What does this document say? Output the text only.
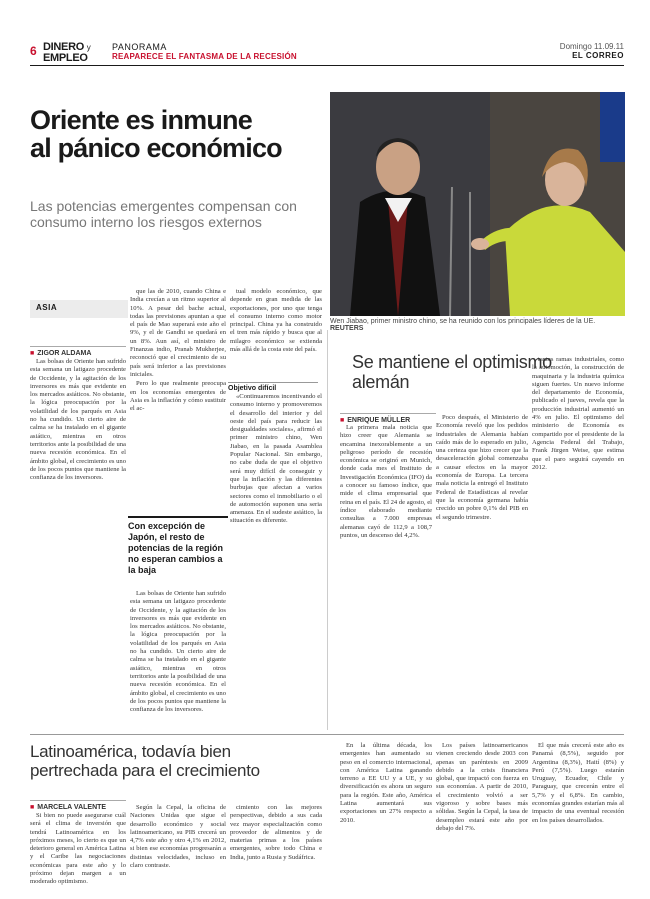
6 DINERO y
EMPLEO
PANORAMA
REAPARECE EL FANTASMA DE LA RECESIÓN
Domingo 11.09.11
EL CORREO
Oriente es inmune
al pánico económico
Las potencias emergentes compensan con consumo interno los riesgos externos
Wen Jiabao, primer ministro chino, se ha reunido con los principales líderes de la UE. REUTERS
ASIA
■ ZIGOR ALDAMA

Las bolsas de Oriente han sufrido esta semana un latigazo procedente de Occidente, y la agitación de los inversores es más que evidente en los mercados asiáticos. No obstante, la lógica preocupación por la volatilidad de los parqués en Asia no ha cundido. Un cierto aire de calma se ha instalado en el gigante asiático, mientras en otros territorios ante la posibilidad de una nueva recesión económica. En el ámbito global, el crecimiento es uno de los pocos puntos que mantiene la confianza de los inversores.

que las de 2010, cuando China e India crecían a un ritmo superior al 10%. A pesar del bache actual, todas las previsiones apuntan a que el país de Mao superará este año el 9%, y el de Gandhi se quedará en un 8%. Aun así, el ministro de Finanzas indio, Pranab Mukherjee, reconoció que el crecimiento de su país será inferior a las previsiones iniciales.

Pero lo que realmente preocupa en los economías emergentes de Asia es la inflación y cómo sustituir el ac-

Con excepción de Japón, el resto de potencias de la región no esperan cambios a la baja

Las bolsas de Oriente han sufrido esta semana un latigazo procedente de Occidente, y la agitación de los inversores es más que evidente en los mercados asiáticos. No obstante, la lógica preocupación por la volatilidad de los parqués en Asia no ha cundido. Un cierto aire de calma se ha instalado en el gigante asiático, mientras en otros territorios ante la posibilidad de una nueva recesión económica. En el ámbito global, el crecimiento es uno de los pocos puntos que mantiene la confianza de los inversores.

tual modelo económico, que depende en gran medida de las exportaciones, por uno que tenga el consumo interno como motor principal. China ya ha construido el tren más rápido y busca que al milagro económico se extienda más allá de la costa este del país.

Objetivo difícil

«Continuaremos incentivando el consumo interno y promoveremos el desarrollo del interior y del oeste del país para reducir las desigualdades sociales», afirmó el primer ministro chino, Wen Jiabao, en la pasada Asamblea Popular Nacional. Sin embargo, no cabe duda de que el objetivo será muy difícil de conseguir y que la inflación y las diferentes burbujas que afectan a varios sectores como el inmobiliario o el de automoción suponen una seria amenaza. En el sudeste asiático, la situación es diferente.

Se mantiene el optimismo alemán
■ ENRIQUE MÜLLER

La primera mala noticia que hizo creer que Alemania se encamina inexorablemente a un peligroso período de recesión económica se originó en Munich, donde cada mes el Instituto de Investigación Económica (IFO) da a conocer su famoso índice, que mide el clima empresarial que reina en el país. El 24 de agosto, el índice elaborado mediante consultas a 7.000 empresas alemanas cayó de 112,9 a 108,7 puntos, un descenso del 4,2%.

Poco después, el Ministerio de Economía reveló que los pedidos industriales de Alemania habían caído más de lo esperado en julio, una certeza que hizo crecer que la desaceleración global comenzaba a causar efectos en la mayor economía de Europa. La tercera mala noticia la entregó el Instituto Federal de Estadísticas al revelar que la economía germana había crecido un pobre 0,1% del PIB en el segundo trimestre.

tantes ramas industriales, como la automoción, la construcción de maquinaria y la industria química siguen fuertes. Un nuevo informe del departamento de Economía, publicado el jueves, revela que la producción industrial aumentó un 4% en julio. El optimismo del ministerio de Economía es compartido por el presidente de la Agencia Federal del Trabajo, Frank Jürgen Weise, que estima que el paro seguirá cayendo en 2012.

Latinoamérica, todavía bien pertrechada para el crecimiento
■ MARCELA VALENTE

Si bien no puede asegurarse cuál será el clima de inversión que tendrá Latinoamérica en los próximos meses, lo cierto es que un deterioro general en América Latina y el Caribe las negociaciones económicas para este año y lo próximo dejan margen a un moderado optimismo.

Según la Cepal, la oficina de Naciones Unidas que sigue el desarrollo económico y social latinoamericano, su PIB crecerá un 4,7% este año y otro 4,1% en 2012, si bien ese economías progresarán a distintas velocidades, incluso en claro contraste.

cimiento con las mejores perspectivas, debido a sus cada vez mayor especialización como proveedor de alimentos y de materias primas a los países emergentes, sobre todo China e India, junto a Rusia y Sudáfrica.

En la última década, los emergentes han aumentado su peso en el comercio internacional, con América Latina ganando terreno a EE UU y a UE, y su diversificación es ahora un seguro para la región. Este año, América Latina aumentará sus exportaciones un 27% respecto a 2010.

Los países latinoamericanos vienen creciendo desde 2003 con apenas un paréntesis en 2009 debido a la crisis financiera global, que impactó con fuerza en sus economías. A partir de 2010, el crecimiento volvió a ser vigoroso y sobre bases más sólidas. Según la Cepal, la tasa de desempleo estará este año por debajo del 7%.

El que más crecerá este año es Panamá (8,5%), seguido por Argentina (8,3%), Haití (8%) y Perú (7,5%). Luego estarán Uruguay, Ecuador, Chile y Paraguay, que crecerán entre el 5,7% y el 6,8%. En cambio, economías grandes estarían más al impacto de una eventual recesión en los países desarrollados.
